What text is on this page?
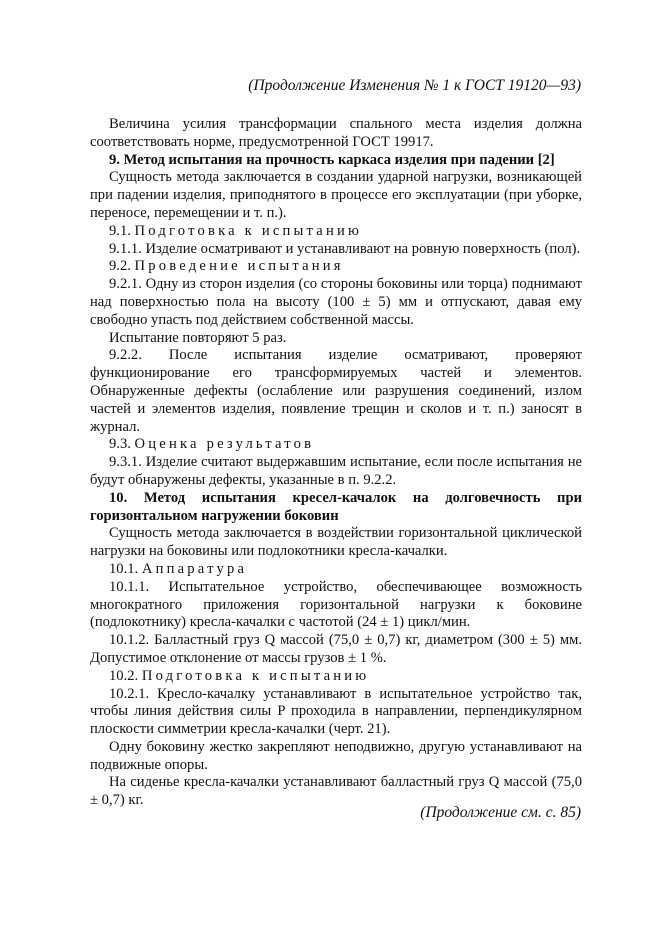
(Продолжение Изменения № 1 к ГОСТ 19120—93)

Величина усилия трансформации спального места изделия должна соответствовать норме, предусмотренной ГОСТ 19917.

9. Метод испытания на прочность каркаса изделия при падении [2]

Сущность метода заключается в создании ударной нагрузки, возникающей при падении изделия, приподнятого в процессе его эксплуатации (при уборке, переносе, перемещении и т. п.).

9.1. Подготовка к испытанию

9.1.1. Изделие осматривают и устанавливают на ровную поверхность (пол).

9.2. Проведение испытания

9.2.1. Одну из сторон изделия (со стороны боковины или торца) поднимают над поверхностью пола на высоту (100 ± 5) мм и отпускают, давая ему свободно упасть под действием собственной массы.

Испытание повторяют 5 раз.

9.2.2. После испытания изделие осматривают, проверяют функционирование его трансформируемых частей и элементов. Обнаруженные дефекты (ослабление или разрушения соединений, излом частей и элементов изделия, появление трещин и сколов и т. п.) заносят в журнал.

9.3. Оценка результатов

9.3.1. Изделие считают выдержавшим испытание, если после испытания не будут обнаружены дефекты, указанные в п. 9.2.2.

10. Метод испытания кресел-качалок на долговечность при горизонтальном нагружении боковин

Сущность метода заключается в воздействии горизонтальной циклической нагрузки на боковины или подлокотники кресла-качалки.

10.1. Аппаратура

10.1.1. Испытательное устройство, обеспечивающее возможность многократного приложения горизонтальной нагрузки к боковине (подлокотнику) кресла-качалки с частотой (24 ± 1) цикл/мин.

10.1.2. Балластный груз Q массой (75,0 ± 0,7) кг, диаметром (300 ± 5) мм. Допустимое отклонение от массы грузов ± 1 %.

10.2. Подготовка к испытанию

10.2.1. Кресло-качалку устанавливают в испытательное устройство так, чтобы линия действия силы P проходила в направлении, перпендикулярном плоскости симметрии кресла-качалки (черт. 21).

Одну боковину жестко закрепляют неподвижно, другую устанавливают на подвижные опоры.

На сиденье кресла-качалки устанавливают балластный груз Q массой (75,0 ± 0,7) кг.

(Продолжение см. с. 85)
